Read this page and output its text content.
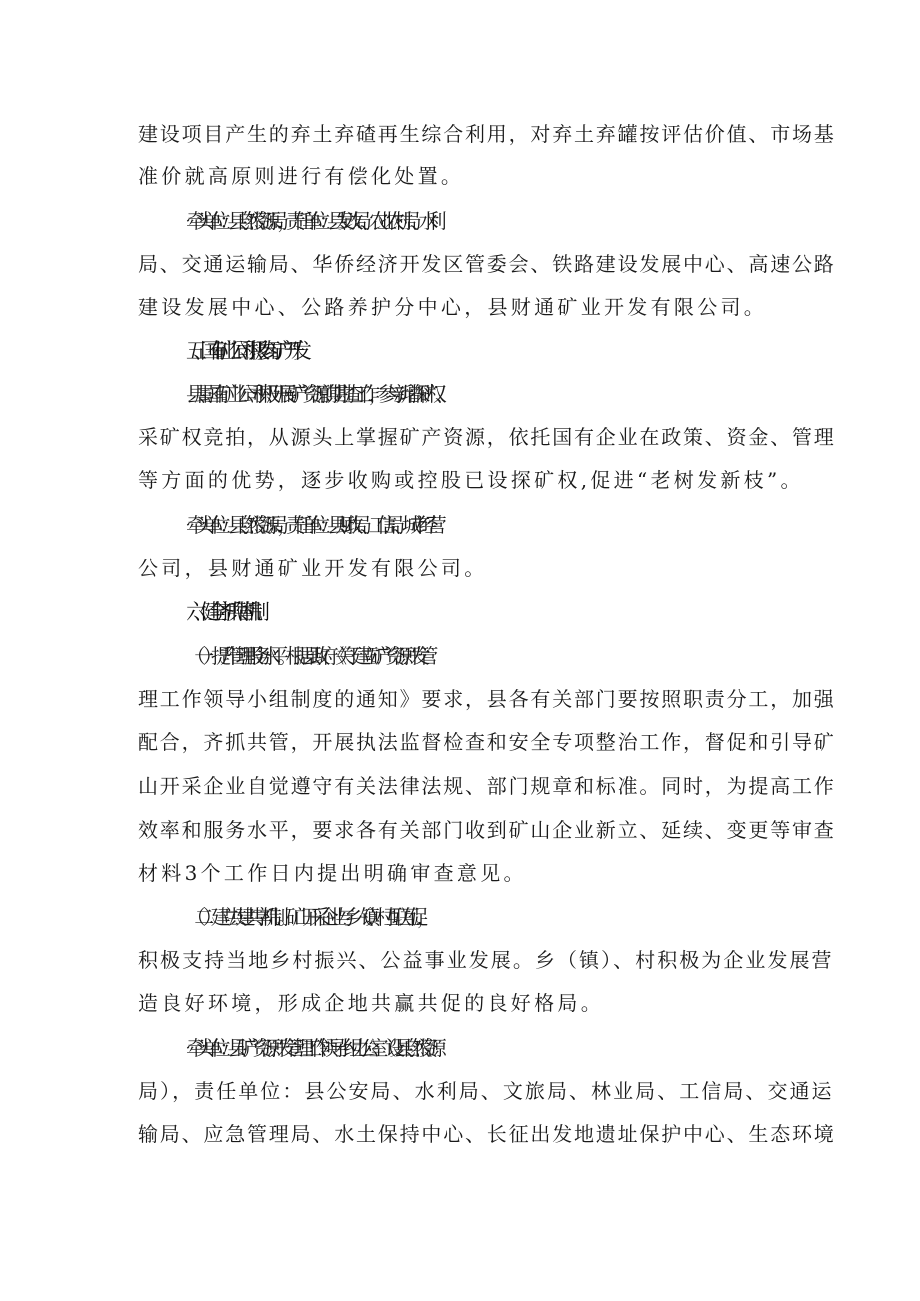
建设项目产生的弃土弃碴再生综合利用，对弃土弃罐按评估价值、市场基
准价就高原则进行有偿化处置。
牵头单位：县自然资源局，责任单位：县发改局、农业农村局、水利
局、交通运输局、华侨经济开发区管委会、铁路建设发展中心、高速公路
建设发展中心、公路养护分中心，县财通矿业开发有限公司。
五、国有矿业公司积极参与矿产开发
县属国有矿业公司积极开展矿产资源前期勘查工作，参与新增探矿权、
采矿权竞拍，从源头上掌握矿产资源，依托国有企业在政策、资金、管理
等方面的优势，逐步收购或控股已设探矿权,促进“老树发新枝”。
牵头单位：县自然资源局，责任单位：县财政局、工信局、城市经营
公司，县财通矿业开发有限公司。
六、健全齐抓共管机制
（一）提升管理服务水平。根据县政府《关于建立矿产资源开发管
理工作领导小组制度的通知》要求，县各有关部门要按照职责分工，加强
配合，齐抓共管，开展执法监督检查和安全专项整治工作，督促和引导矿
山开采企业自觉遵守有关法律法规、部门规章和标准。同时，为提高工作
效率和服务水平，要求各有关部门收到矿山企业新立、延续、变更等审查
材料3个工作日内提出明确审查意见。
（二）建立共建共享机制。矿山开采企业与乡（镇）、村互联互促，
积极支持当地乡村振兴、公益事业发展。乡（镇）、村积极为企业发展营
造良好环境，形成企地共赢共促的良好格局。
牵头单位：县矿产资源开发管理工作领导小组办公室（设县自然资源
局），责任单位：县公安局、水利局、文旅局、林业局、工信局、交通运
输局、应急管理局、水土保持中心、长征出发地遗址保护中心、生态环境
